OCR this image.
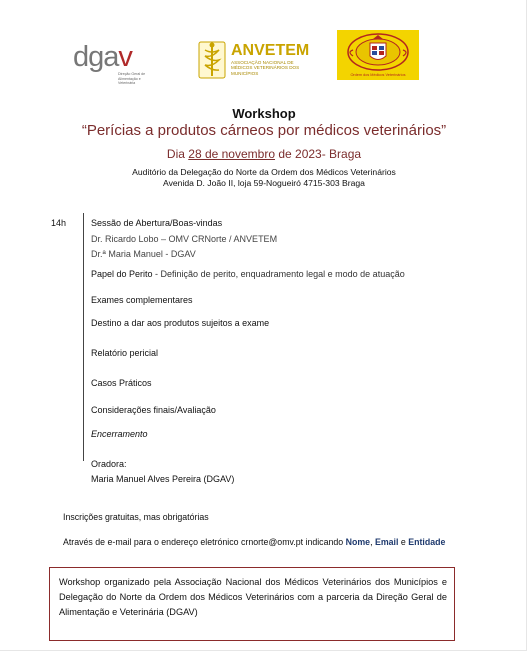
dgav
Direção Geral de Alimentação e Veterinária
ANVETEM
ASSOCIAÇÃO NACIONAL DE MÉDICOS VETERINÁRIOS DOS MUNICÍPIOS	Ordem dos Médicos Veterinários
Workshop
“Perícias a produtos cárneos por médicos veterinários”
Dia 28 de novembro de 2023- Braga
Auditório da Delegação do Norte da Ordem dos Médicos Veterinários
Avenida D. João II, loja 59-Nogueiró 4715-303 Braga
14h	Sessão de Abertura/Boas-vindas
Dr. Ricardo Lobo – OMV CRNorte / ANVETEM
Dr.ª Maria Manuel - DGAV
Papel do Perito - Definição de perito, enquadramento legal e modo de atuação
Exames complementares
Destino a dar aos produtos sujeitos a exame
Relatório pericial
Casos Práticos
Considerações finais/Avaliação
Encerramento
Oradora:
Maria Manuel Alves Pereira (DGAV)
Inscrições gratuitas, mas obrigatórias
Através de e-mail para o endereço eletrónico crnorte@omv.pt indicando Nome, Email e Entidade
Workshop organizado pela Associação Nacional dos Médicos Veterinários dos Municípios e Delegação do Norte da Ordem dos Médicos Veterinários com a parceria da Direção Geral de Alimentação e Veterinária (DGAV)
